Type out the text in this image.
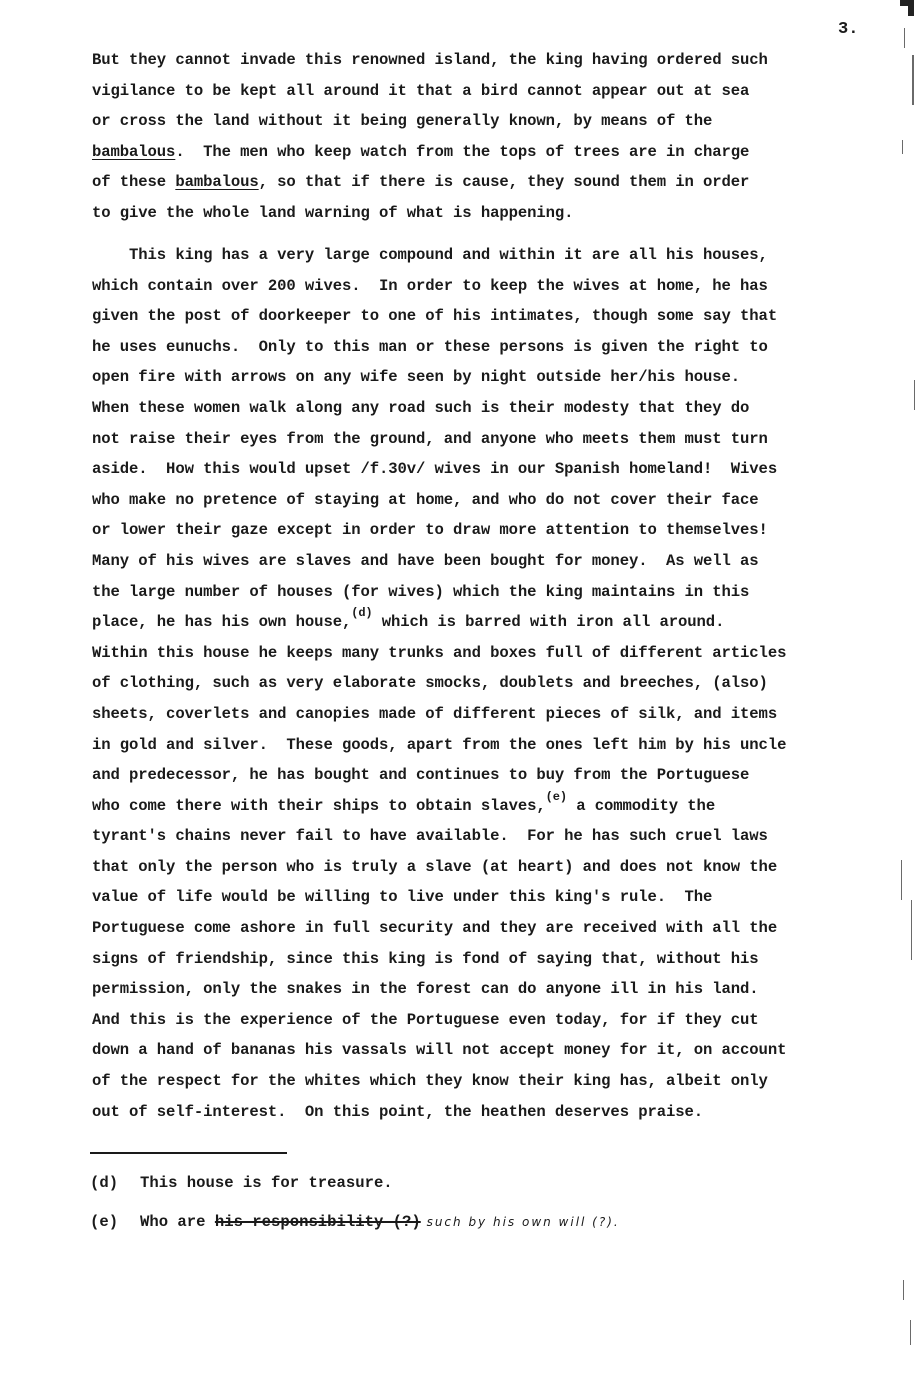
3.
But they cannot invade this renowned island, the king having ordered such
vigilance to be kept all around it that a bird cannot appear out at sea
or cross the land without it being generally known, by means of the
bambalous.  The men who keep watch from the tops of trees are in charge
of these bambalous, so that if there is cause, they sound them in order
to give the whole land warning of what is happening.
This king has a very large compound and within it are all his houses,
which contain over 200 wives.  In order to keep the wives at home, he has
given the post of doorkeeper to one of his intimates, though some say that
he uses eunuchs.  Only to this man or these persons is given the right to
open fire with arrows on any wife seen by night outside her/his house.
When these women walk along any road such is their modesty that they do
not raise their eyes from the ground, and anyone who meets them must turn
aside.  How this would upset /f.30v/ wives in our Spanish homeland!  Wives
who make no pretence of staying at home, and who do not cover their face
or lower their gaze except in order to draw more attention to themselves!
Many of his wives are slaves and have been bought for money.  As well as
the large number of houses (for wives) which the king maintains in this
place, he has his own house,$^{(d)}$ which is barred with iron all around.
Within this house he keeps many trunks and boxes full of different articles
of clothing, such as very elaborate smocks, doublets and breeches, (also)
sheets, coverlets and canopies made of different pieces of silk, and items
in gold and silver.  These goods, apart from the ones left him by his uncle
and predecessor, he has bought and continues to buy from the Portuguese
who come there with their ships to obtain slaves,$^{(e)}$ a commodity the
tyrant's chains never fail to have available.  For he has such cruel laws
that only the person who is truly a slave (at heart) and does not know the
value of life would be willing to live under this king's rule.  The
Portuguese come ashore in full security and they are received with all the
signs of friendship, since this king is fond of saying that, without his
permission, only the snakes in the forest can do anyone ill in his land.
And this is the experience of the Portuguese even today, for if they cut
down a hand of bananas his vassals will not accept money for it, on account
of the respect for the whites which they know their king has, albeit only
out of self-interest.  On this point, the heathen deserves praise.
(d) This house is for treasure.
(e) Who are his responsibility (?) such by his own will (?).
